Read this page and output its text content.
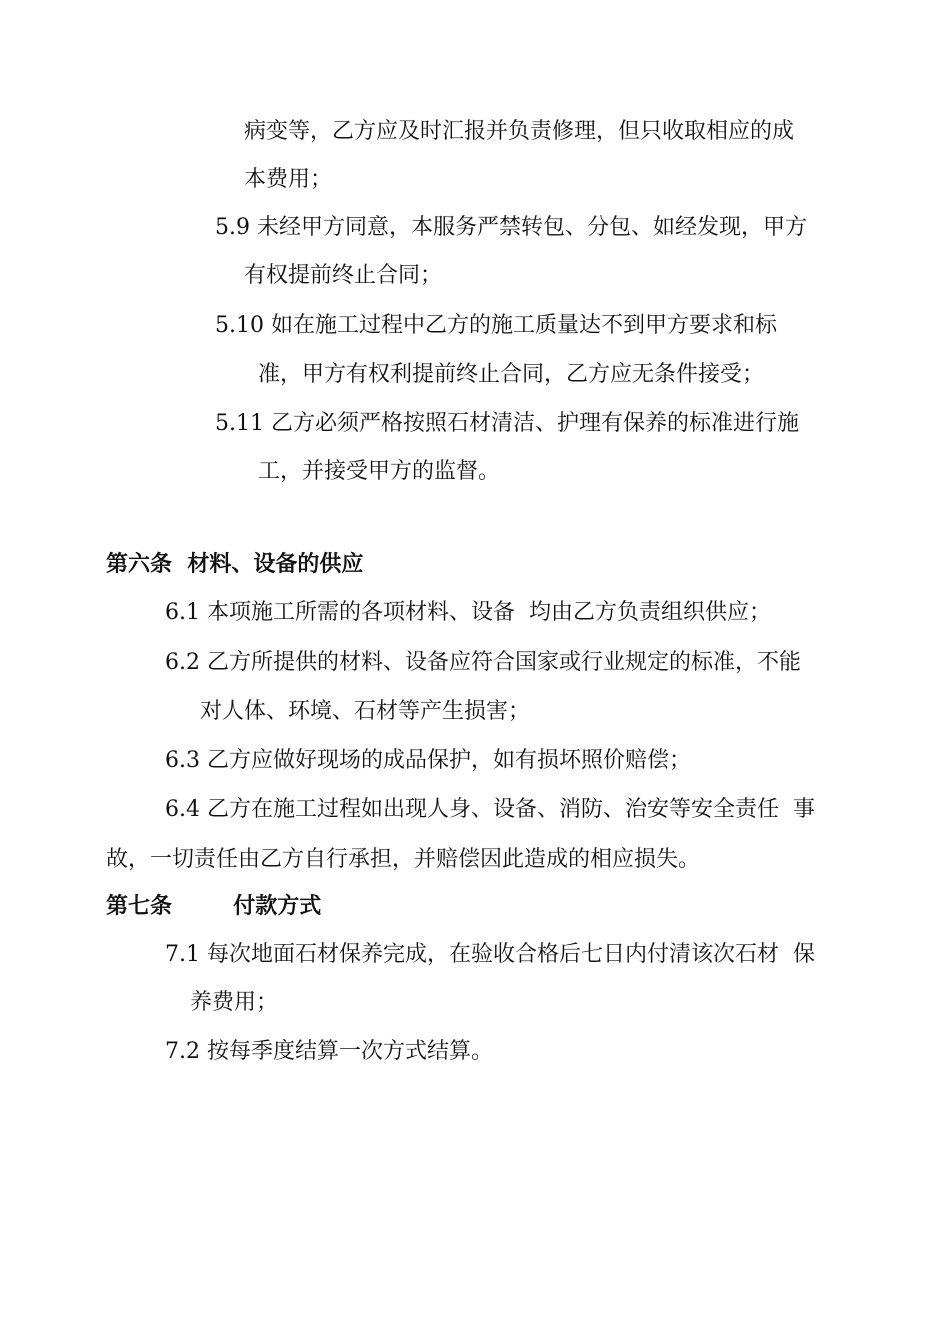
病变等，乙方应及时汇报并负责修理，但只收取相应的成
本费用；
5.9 未经甲方同意，本服务严禁转包、分包、如经发现，甲方
有权提前终止合同；
5.10 如在施工过程中乙方的施工质量达不到甲方要求和标
准，甲方有权利提前终止合同，乙方应无条件接受；
5.11 乙方必须严格按照石材清洁、护理有保养的标准进行施
工，并接受甲方的监督。
第六条  材料、设备的供应
6.1 本项施工所需的各项材料、设备  均由乙方负责组织供应；
6.2 乙方所提供的材料、设备应符合国家或行业规定的标准，不能
对人体、环境、石材等产生损害；
6.3 乙方应做好现场的成品保护，如有损坏照价赔偿；
6.4 乙方在施工过程如出现人身、设备、消防、治安等安全责任  事
故，一切责任由乙方自行承担，并赔偿因此造成的相应损失。
第七条        付款方式
7.1 每次地面石材保养完成，在验收合格后七日内付清该次石材  保
养费用；
7.2 按每季度结算一次方式结算。
